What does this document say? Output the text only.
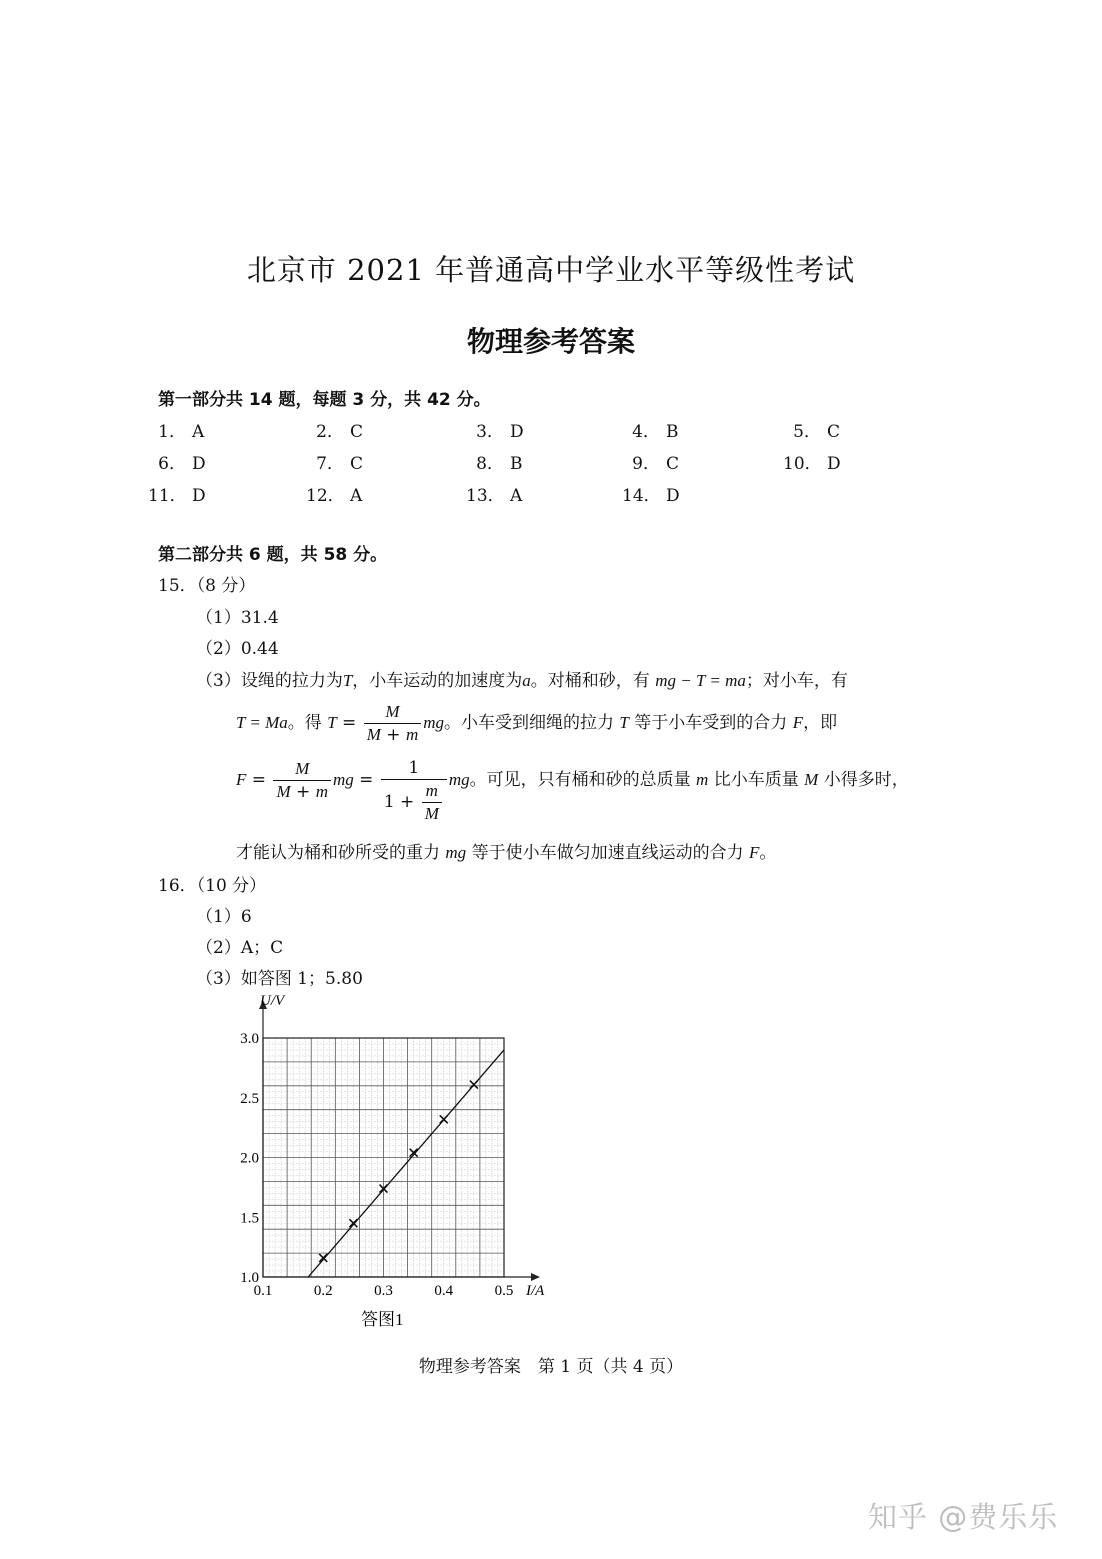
北京市 2021 年普通高中学业水平等级性考试
物理参考答案
第一部分共 14 题，每题 3 分，共 42 分。
1． A	2． C	3． D	4． B	5． C
6． D	7． C	8． B	9． C	10． D
11． D	12． A	13． A	14． D
第二部分共 6 题，共 58 分。
15．（8 分）
（1）31.4
（2）0.44
（3）设绳的拉力为T，小车运动的加速度为a。对桶和砂，有 mg − T = ma；对小车，有
T = Ma。得 $T = \frac{M}{M + m}$ mg。小车受到细绳的拉力 T 等于小车受到的合力 F，即
$F = \frac{M}{M + m}$ mg = $\frac{1}{1 + \frac{m}{M}}$ mg。可见，只有桶和砂的总质量 m 比小车质量 M 小得多时，
才能认为桶和砂所受的重力 mg 等于使小车做匀加速直线运动的合力 F。
16．（10 分）
（1）6
（2）A；C
（3）如答图 1；5.80
U/V
I/A
0.1	0.2	0.3	0.4	0.5
1.0
1.5
2.0
2.5
3.0
答图1
物理参考答案　第 1 页（共 4 页）
知乎 @费乐乐
